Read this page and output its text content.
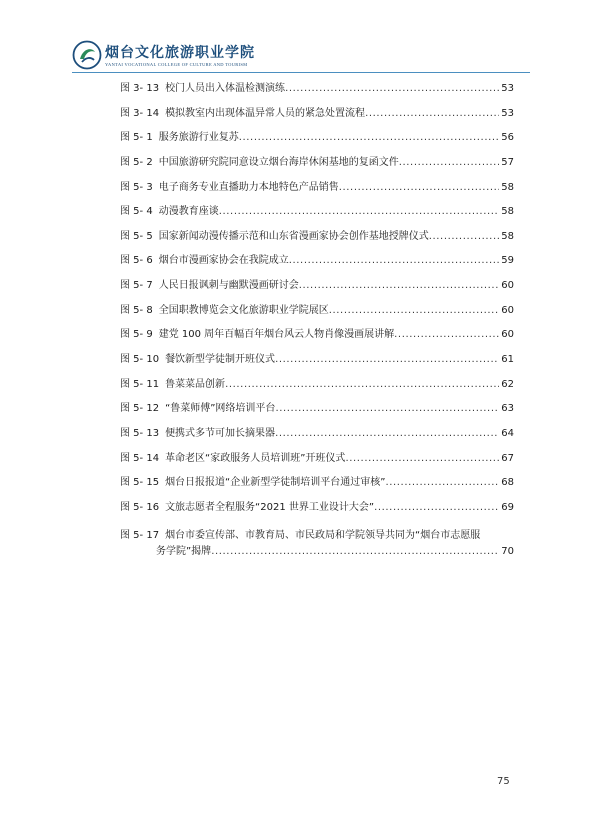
烟台文化旅游职业学院
YANTAI VOCATIONAL COLLEGE OF CULTURE AND TOURISM
图 3- 13 校门人员出入体温检测演练 .....	53
图 3- 14 模拟教室内出现体温异常人员的紧急处置流程 .....	53
图 5- 1 服务旅游行业复苏 .....	56
图 5- 2 中国旅游研究院同意设立烟台海岸休闲基地的复函文件 .....	57
图 5- 3 电子商务专业直播助力本地特色产品销售 .....	58
图 5- 4 动漫教育座谈 .....	58
图 5- 5 国家新闻动漫传播示范和山东省漫画家协会创作基地授牌仪式 .....	58
图 5- 6 烟台市漫画家协会在我院成立 .....	59
图 5- 7 人民日报讽刺与幽默漫画研讨会 .....	60
图 5- 8 全国职教博览会文化旅游职业学院展区 .....	60
图 5- 9 建党 100 周年百幅百年烟台风云人物肖像漫画展讲解 .....	60
图 5- 10 餐饮新型学徒制开班仪式 .....	61
图 5- 11 鲁菜菜品创新 .....	62
图 5- 12 “鲁菜师傅”网络培训平台 .....	63
图 5- 13 便携式多节可加长摘果器 .....	64
图 5- 14 革命老区“家政服务人员培训班”开班仪式 .....	67
图 5- 15 烟台日报报道“企业新型学徒制培训平台通过审核” .....	68
图 5- 16 文旅志愿者全程服务“2021 世界工业设计大会” .....	69
图 5- 17 烟台市委宣传部、市教育局、市民政局和学院领导共同为“烟台市志愿服
务学院”揭牌 .....	70
75
